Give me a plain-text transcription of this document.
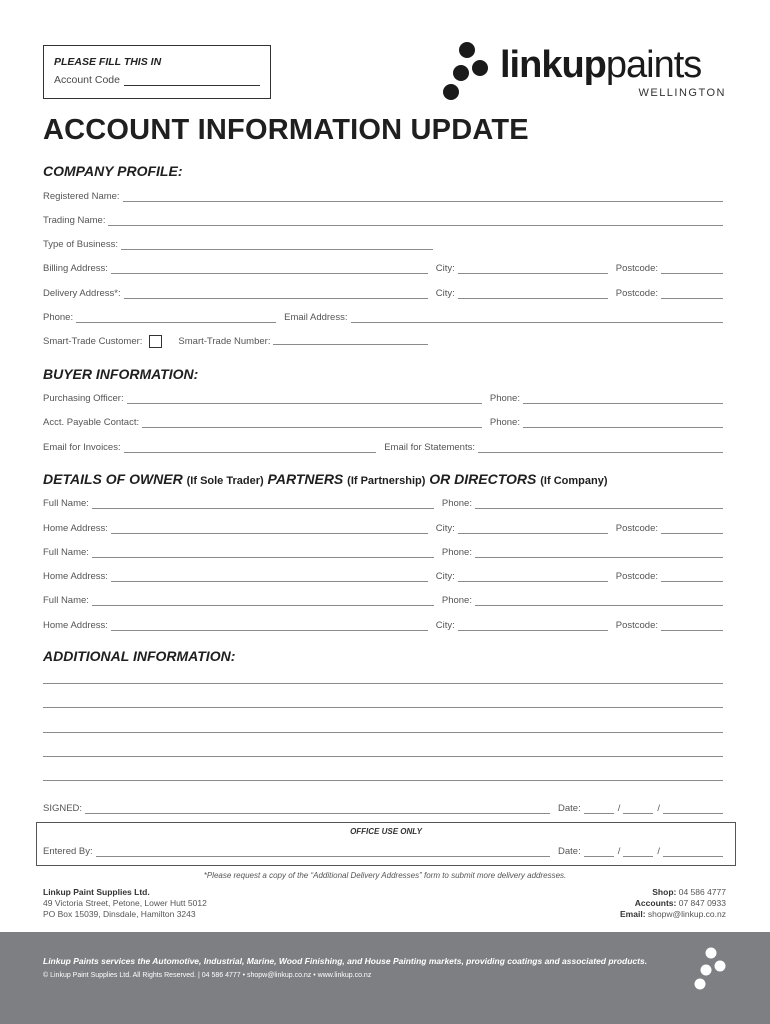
PLEASE FILL THIS IN
Account Code	linkuppaints
WELLINGTON
ACCOUNT INFORMATION UPDATE
COMPANY PROFILE:
Registered Name:
Trading Name:
Type of Business:
Billing Address:	City:	Postcode:
Delivery Address*:	City:	Postcode:
Phone:	Email Address:
Smart-Trade Customer:	Smart-Trade Number:
BUYER INFORMATION:
Purchasing Officer:	Phone:
Acct. Payable Contact:	Phone:
Email for Invoices:	Email for Statements:
DETAILS OF OWNER (If Sole Trader) PARTNERS (If Partnership) OR DIRECTORS (If Company)
Full Name:	Phone:
Home Address:	City:	Postcode:
Full Name:	Phone:
Home Address:	City:	Postcode:
Full Name:	Phone:
Home Address:	City:	Postcode:
ADDITIONAL INFORMATION:
SIGNED:	Date:	/	/
OFFICE USE ONLY
Entered By:	Date:	/	/
*Please request a copy of the “Additional Delivery Addresses” form to submit more delivery addresses.
Linkup Paint Supplies Ltd.
49 Victoria Street, Petone, Lower Hutt 5012
PO Box 15039, Dinsdale, Hamilton 3243
Shop: 04 586 4777
Accounts: 07 847 0933
Email: shopw@linkup.co.nz
Linkup Paints services the Automotive, Industrial, Marine, Wood Finishing, and House Painting markets, providing coatings and associated products.
© Linkup Paint Supplies Ltd. All Rights Reserved. | 04 586 4777 • shopw@linkup.co.nz • www.linkup.co.nz
